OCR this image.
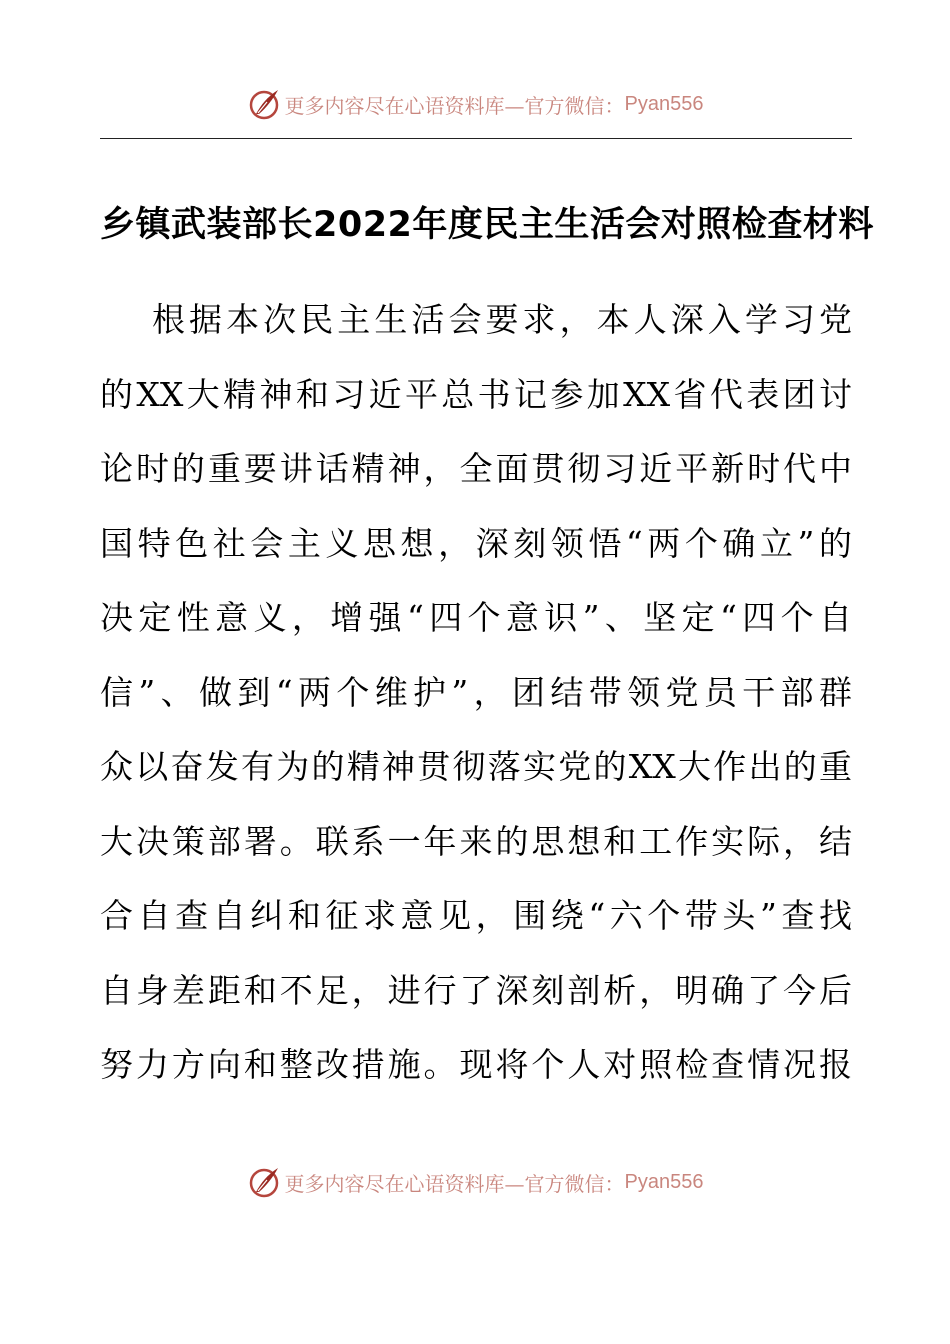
更多内容尽在心语资料库—官方微信： Pyan556
乡镇武装部长2022年度民主生活会对照检查材料
根据本次民主生活会要求，本人深入学习党
的XX大精神和习近平总书记参加XX省代表团讨
论时的重要讲话精神，全面贯彻习近平新时代中
国特色社会主义思想，深刻领悟“两个确立”的
决定性意义，增强“四个意识”、坚定“四个自
信”、做到“两个维护”，团结带领党员干部群
众以奋发有为的精神贯彻落实党的XX大作出的重
大决策部署。联系一年来的思想和工作实际，结
合自查自纠和征求意见，围绕“六个带头”查找
自身差距和不足，进行了深刻剖析，明确了今后
努力方向和整改措施。现将个人对照检查情况报
更多内容尽在心语资料库—官方微信： Pyan556
